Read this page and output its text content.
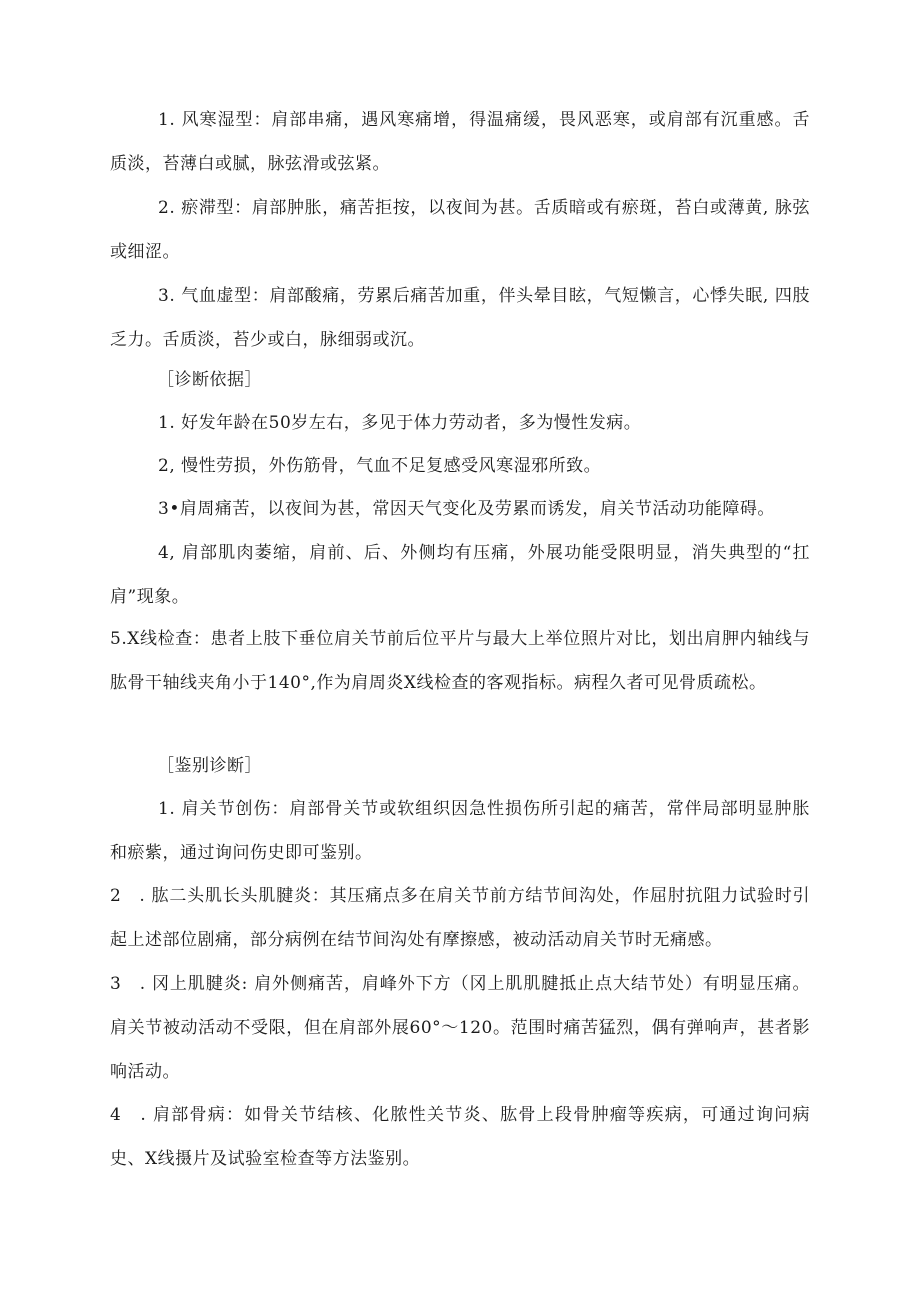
1. 风寒湿型：肩部串痛，遇风寒痛增，得温痛缓，畏风恶寒，或肩部有沉重感。舌质淡，苔薄白或腻，脉弦滑或弦紧。

2. 瘀滞型：肩部肿胀，痛苦拒按，以夜间为甚。舌质暗或有瘀斑，苔白或薄黄, 脉弦或细涩。

3. 气血虚型：肩部酸痛，劳累后痛苦加重，伴头晕目眩，气短懒言，心悸失眠, 四肢乏力。舌质淡，苔少或白，脉细弱或沉。

［诊断依据］

1. 好发年龄在50岁左右，多见于体力劳动者，多为慢性发病。

2, 慢性劳损，外伤筋骨，气血不足复感受风寒湿邪所致。

3•肩周痛苦，以夜间为甚，常因天气变化及劳累而诱发，肩关节活动功能障碍。

4, 肩部肌肉萎缩，肩前、后、外侧均有压痛，外展功能受限明显，消失典型的“扛肩”现象。

5.X线检查：患者上肢下垂位肩关节前后位平片与最大上举位照片对比，划出肩胛内轴线与肱骨干轴线夹角小于140°,作为肩周炎X线检查的客观指标。病程久者可见骨质疏松。

［鉴别诊断］

1. 肩关节创伤：肩部骨关节或软组织因急性损伤所引起的痛苦，常伴局部明显肿胀和瘀紫，通过询问伤史即可鉴别。

2　. 肱二头肌长头肌腱炎：其压痛点多在肩关节前方结节间沟处，作屈肘抗阻力试验时引起上述部位剧痛，部分病例在结节间沟处有摩擦感，被动活动肩关节时无痛感。

3　. 冈上肌腱炎: 肩外侧痛苦，肩峰外下方（冈上肌肌腱抵止点大结节处）有明显压痛。肩关节被动活动不受限，但在肩部外展60°～120。范围时痛苦猛烈，偶有弹响声，甚者影响活动。

4　. 肩部骨病：如骨关节结核、化脓性关节炎、肱骨上段骨肿瘤等疾病，可通过询问病史、X线摄片及试验室检查等方法鉴别。
